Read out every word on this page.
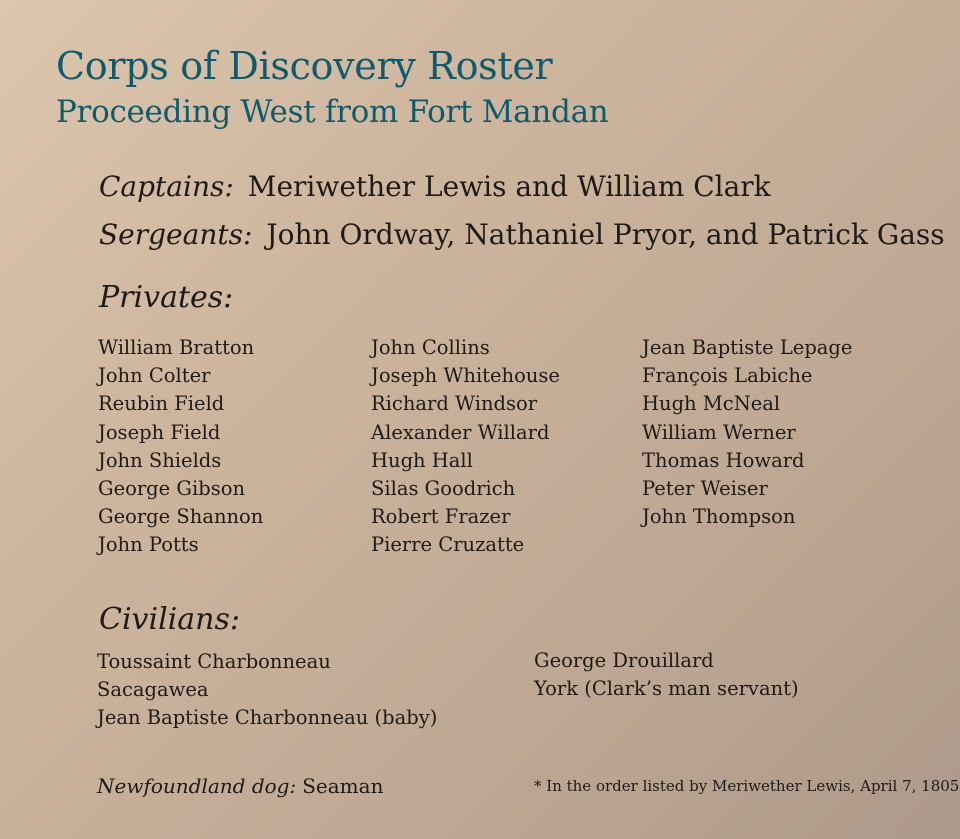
Corps of Discovery Roster
Proceeding West from Fort Mandan
Captains: Meriwether Lewis and William Clark
Sergeants: John Ordway, Nathaniel Pryor, and Patrick Gass
Privates:
William Bratton
John Colter
Reubin Field
Joseph Field
John Shields
George Gibson
George Shannon
John Potts
John Collins
Joseph Whitehouse
Richard Windsor
Alexander Willard
Hugh Hall
Silas Goodrich
Robert Frazer
Pierre Cruzatte
Jean Baptiste Lepage
François Labiche
Hugh McNeal
William Werner
Thomas Howard
Peter Weiser
John Thompson
Civilians:
Toussaint Charbonneau
Sacagawea
Jean Baptiste Charbonneau (baby)
George Drouillard
York (Clark’s man servant)
Newfoundland dog: Seaman	* In the order listed by Meriwether Lewis, April 7, 1805
